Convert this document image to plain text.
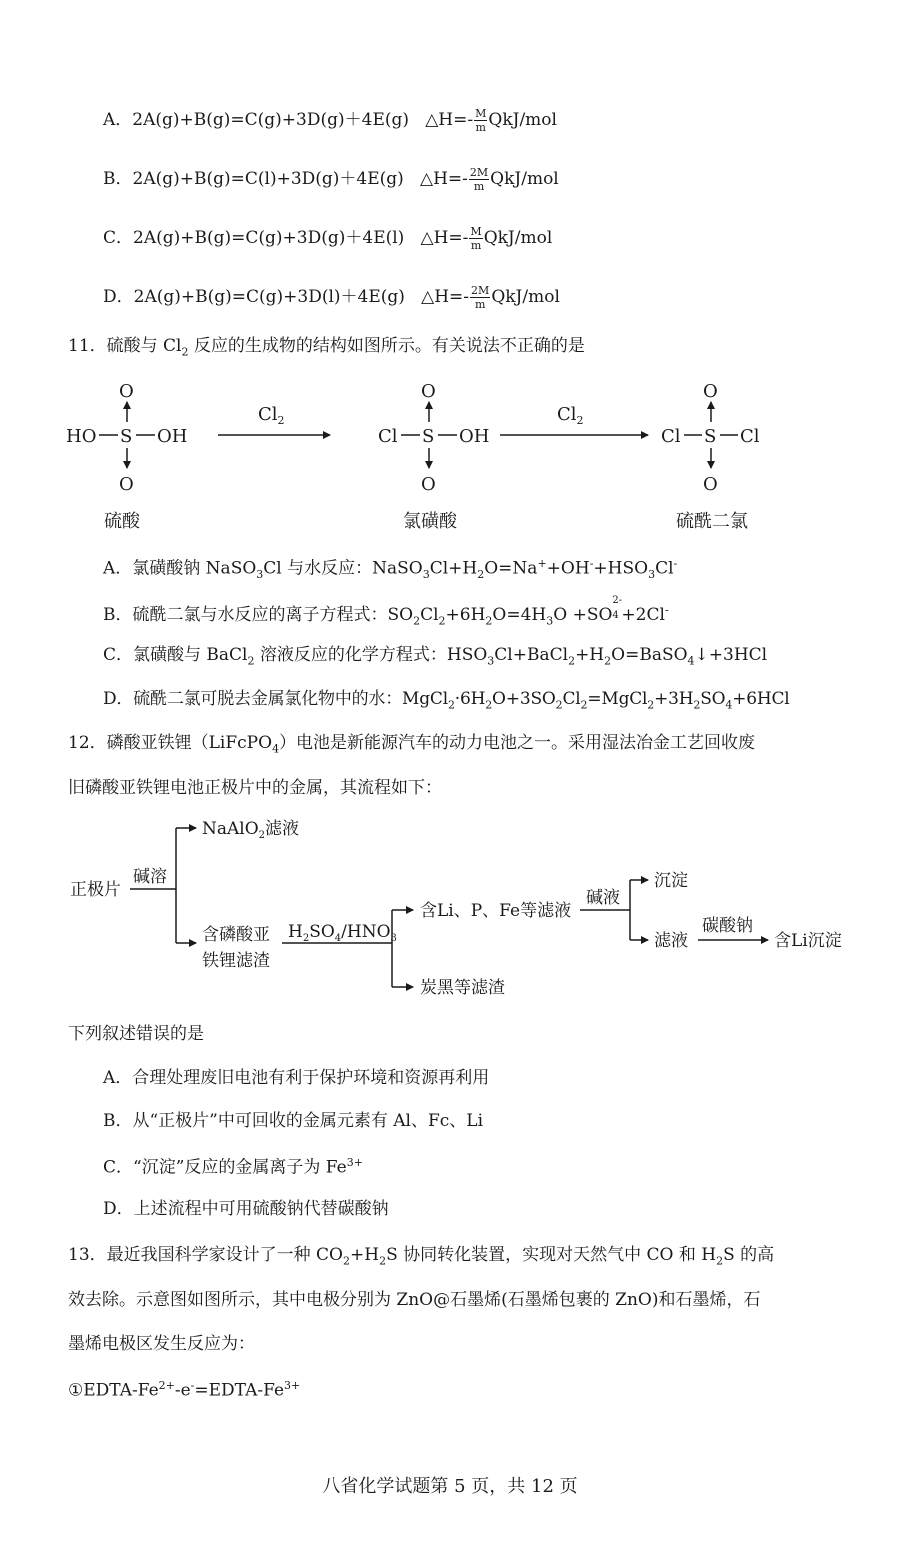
A．2A(g)+B(g)=C(g)+3D(g)＋4E(g) △H=- $\frac{M}{m} QkJ/mol$
B．2A(g)+B(g)=C(l)+3D(g)＋4E(g) △H=- $\frac{2M}{m} QkJ/mol$
C．2A(g)+B(g)=C(g)+3D(g)＋4E(l) △H=- $\frac{M}{m} QkJ/mol$
D．2A(g)+B(g)=C(g)+3D(l)＋4E(g) △H=- $\frac{2M}{m} QkJ/mol$
11．硫酸与 $Cl_2$ 反应的生成物的结构如图所示。有关说法不正确的是
O
S
O
HO	OH
$Cl_2$
O
S
O
Cl	OH
$Cl_2$
O
S
O
Cl	Cl
硫酸	氯磺酸	硫酰二氯
A．氯磺酸钠 NaSO$_3$Cl 与水反应：$NaSO_3Cl+H_2O=Na^++OH^-+HSO_3Cl^-$
B．硫酰二氯与水反应的离子方程式：$SO_2Cl_2+6H_2O=4H_3O +SO$
2-
4 +2Cl-
C．氯磺酸与 BaCl$_2$ 溶液反应的化学方程式：$HSO_3Cl+BaCl_2+H_2O=BaSO_4↓+3HCl$
D．硫酰二氯可脱去金属氯化物中的水：$MgCl_2\cdot 6H_2O+3SO_2Cl_2=MgCl_2+3H_2SO_4+6HCl$
12．磷酸亚铁锂（LiFcPO$_4$）电池是新能源汽车的动力电池之一。采用湿法冶金工艺回收废
旧磷酸亚铁锂电池正极片中的金属，其流程如下：
正极片
碱溶
NaAlO$_2$滤液
含磷酸亚
铁锂滤渣
$H_2SO_4/HNO_3$
含Li、P、Fe等滤液
炭黑等滤渣
碱液
沉淀
滤液
碳酸钠
含Li沉淀
下列叙述错误的是
A．合理处理废旧电池有利于保护环境和资源再利用
B．从“正极片”中可回收的金属元素有 Al、Fc、Li
C．“沉淀”反应的金属离子为 $Fe^{3+}$
D．上述流程中可用硫酸钠代替碳酸钠
13．最近我国科学家设计了一种 $CO_2+H_2S$ 协同转化装置，实现对天然气中 CO 和 $H_2S$ 的高
效去除。示意图如图所示，其中电极分别为 ZnO@石墨烯(石墨烯包裹的 ZnO)和石墨烯，石
墨烯电极区发生反应为：
①EDTA-$Fe^{2+}-e^-=EDTA-Fe^{3+}$
八省化学试题第 5 页，共 12 页
